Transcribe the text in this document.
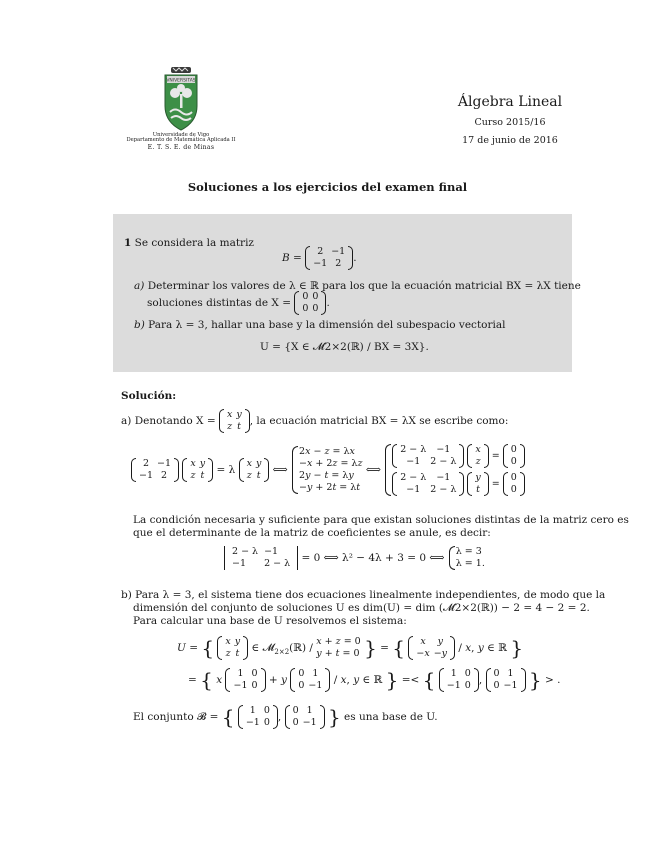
VNIVERSITAS
Universidade de Vigo
Departamento de Matemática Aplicada II
E. T. S. E. de Minas
Álgebra Lineal
Curso 2015/16
17 de junio de 2016
Soluciones a los ejercicios del examen final
1 Se considera la matriz
B =
2	−1
−1	2 .
a) Determinar los valores de λ ∈ ℝ para los que la ecuación matricial BX = λX tiene
soluciones distintas de X =
0	0
0	0 .
b) Para λ = 3, hallar una base y la dimensión del subespacio vectorial
U = {X ∈ 𝓜2×2(ℝ) / BX = 3X}.
Solución:
a) Denotando X =
x	y
z	t , la ecuación matricial BX = λX se escribe como:
2	−1
−1	2

x	y
z	t = λ
x	y
z	t ⟺
2x − z = λx
−x + 2z = λz
2y − t = λy
−y + 2t = λt
⟺
2 − λ	−1
−1	2 − λ

x
z =
0
0
2 − λ	−1
−1	2 − λ

y
t =
0
0
La condición necesaria y suficiente para que existan soluciones distintas de la matriz cero es
que el determinante de la matriz de coeficientes se anule, es decir:
2 − λ	−1
−1	2 − λ = 0 ⟺ λ² − 4λ + 3 = 0 ⟺
λ = 3
λ = 1.
b) Para λ = 3, el sistema tiene dos ecuaciones linealmente independientes, de modo que la
dimensión del conjunto de soluciones U es dim(U) = dim (𝓜2×2(ℝ)) − 2 = 4 − 2 = 2.
Para calcular una base de U resolvemos el sistema:
U = { x	y
z	t ∈ 𝓜$_{2\times 2}$(ℝ) /
x + z = 0
y + t = 0 } = { x	y
−x	−y / x, y ∈ ℝ }
= { x
1	0
−1	0 + y
0	1
0	−1 / x, y ∈ ℝ } =< { 1	0
−1	0 ,
0	1
0	−1 } > .
El conjunto 𝓑 = { 1	0
−1	0 ,
0	1
0	−1 } es una base de U.
